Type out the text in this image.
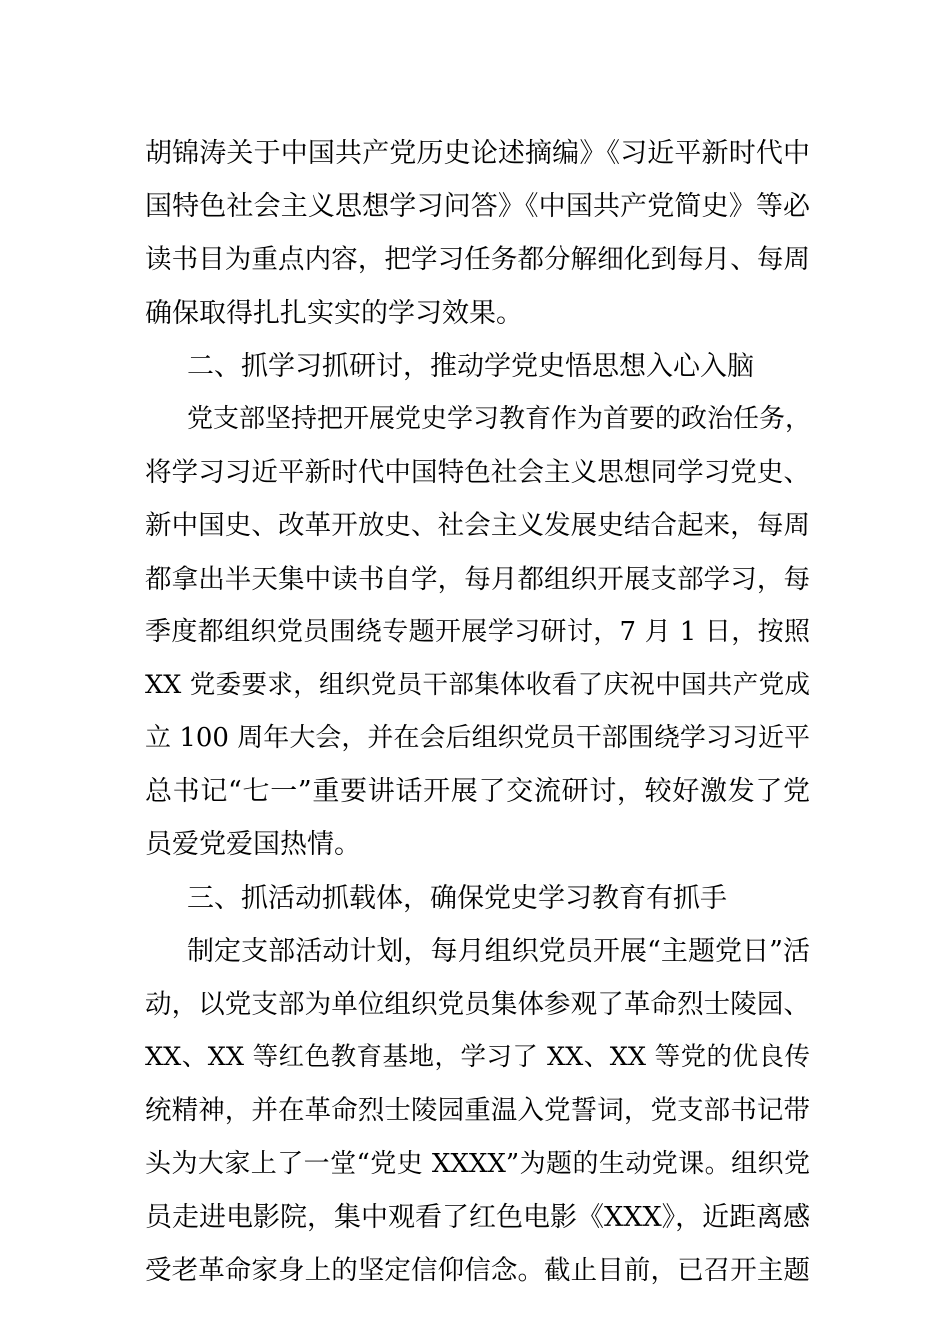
胡锦涛关于中国共产党历史论述摘编》《习近平新时代中
国特色社会主义思想学习问答》《中国共产党简史》等必
读书目为重点内容，把学习任务都分解细化到每月、每周
确保取得扎扎实实的学习效果。
二、抓学习抓研讨，推动学党史悟思想入心入脑
党支部坚持把开展党史学习教育作为首要的政治任务，
将学习习近平新时代中国特色社会主义思想同学习党史、
新中国史、改革开放史、社会主义发展史结合起来，每周
都拿出半天集中读书自学，每月都组织开展支部学习，每
季度都组织党员围绕专题开展学习研讨，7 月 1 日，按照
XX 党委要求，组织党员干部集体收看了庆祝中国共产党成
立 100 周年大会，并在会后组织党员干部围绕学习习近平
总书记“七一”重要讲话开展了交流研讨，较好激发了党
员爱党爱国热情。
三、抓活动抓载体，确保党史学习教育有抓手
制定支部活动计划，每月组织党员开展“主题党日”活
动，以党支部为单位组织党员集体参观了革命烈士陵园、
XX、XX 等红色教育基地，学习了 XX、XX 等党的优良传
统精神，并在革命烈士陵园重温入党誓词，党支部书记带
头为大家上了一堂“党史 XXXX”为题的生动党课。组织党
员走进电影院，集中观看了红色电影《XXX》，近距离感
受老革命家身上的坚定信仰信念。截止目前，已召开主题
